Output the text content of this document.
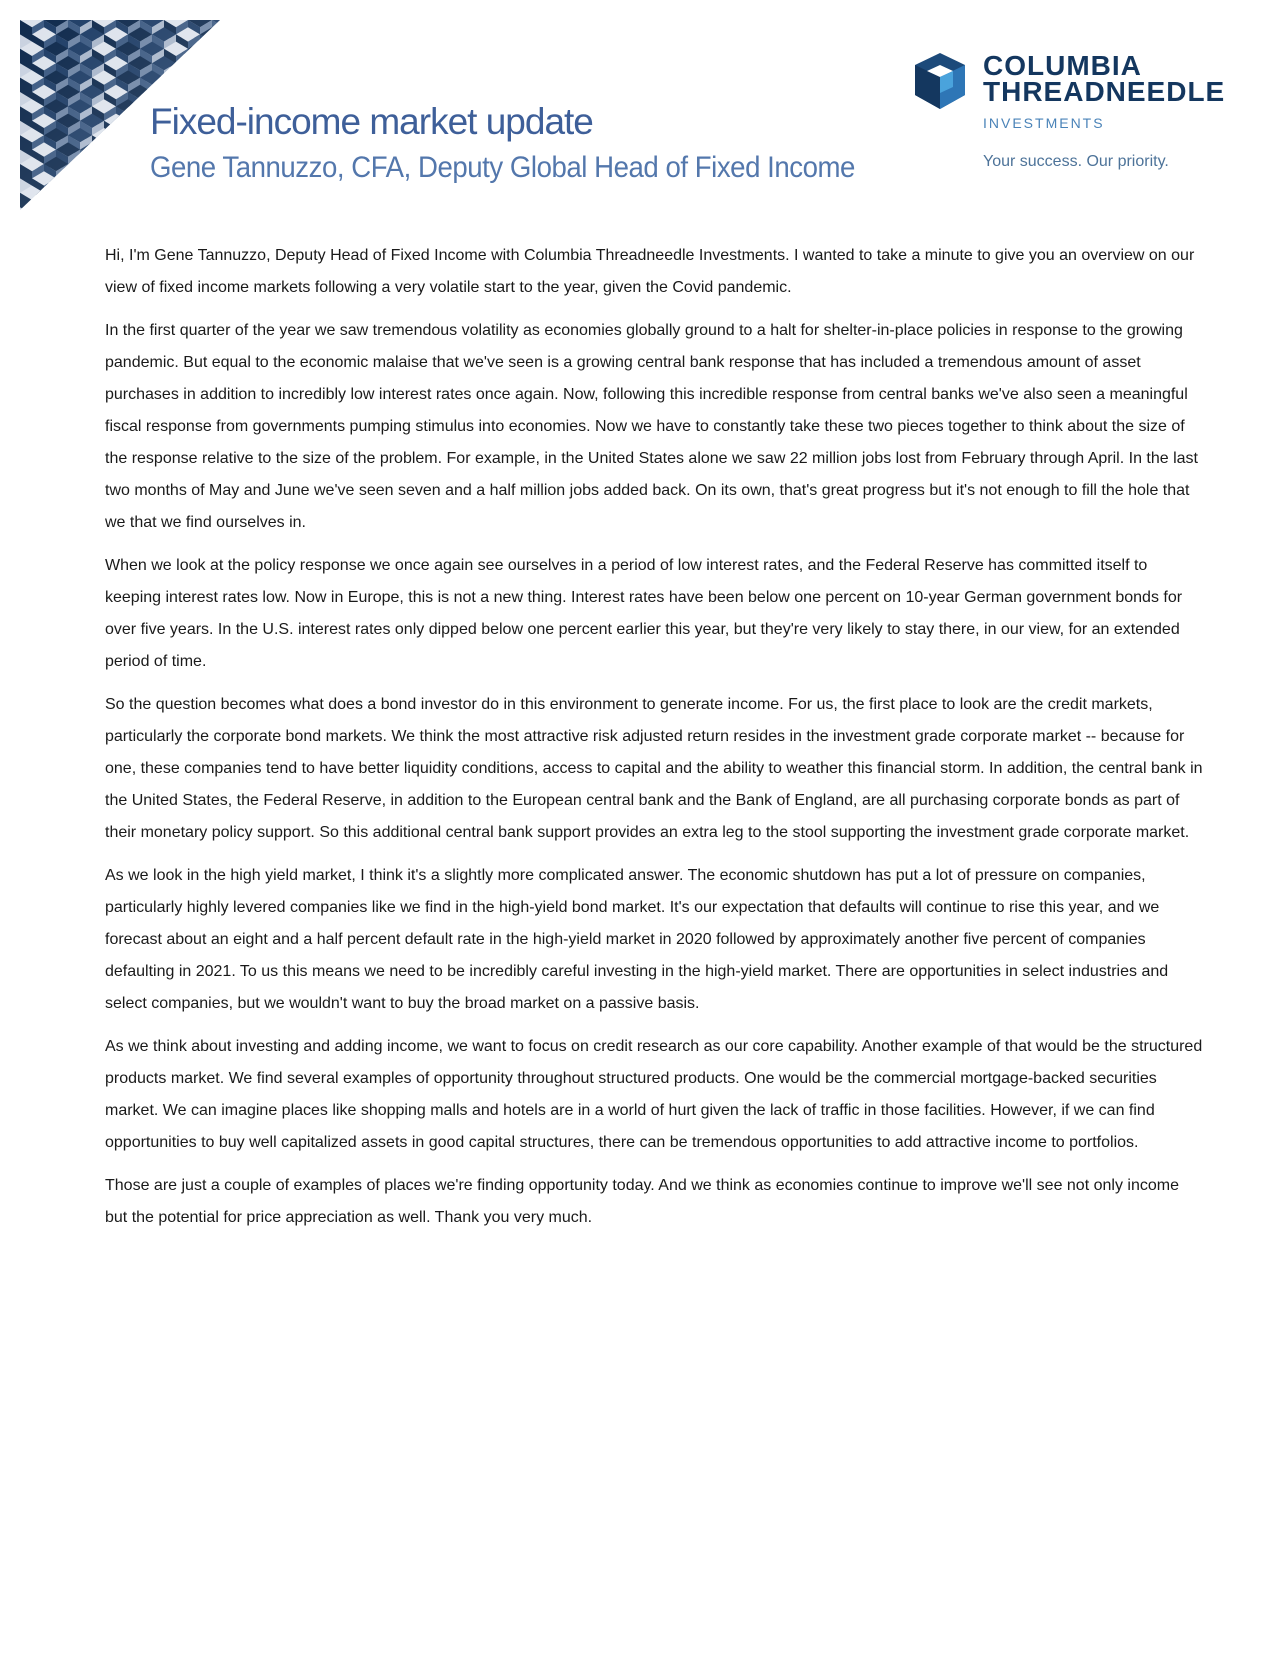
Fixed-income market update
Gene Tannuzzo, CFA, Deputy Global Head of Fixed Income
COLUMBIA
THREADNEEDLE
INVESTMENTS
Your success. Our priority.

Hi, I'm Gene Tannuzzo, Deputy Head of Fixed Income with Columbia Threadneedle Investments. I wanted to take a minute to give you an overview on our view of fixed income markets following a very volatile start to the year, given the Covid pandemic.

In the first quarter of the year we saw tremendous volatility as economies globally ground to a halt for shelter-in-place policies in response to the growing pandemic. But equal to the economic malaise that we've seen is a growing central bank response that has included a tremendous amount of asset purchases in addition to incredibly low interest rates once again. Now, following this incredible response from central banks we've also seen a meaningful fiscal response from governments pumping stimulus into economies. Now we have to constantly take these two pieces together to think about the size of the response relative to the size of the problem. For example, in the United States alone we saw 22 million jobs lost from February through April. In the last two months of May and June we've seen seven and a half million jobs added back. On its own, that's great progress but it's not enough to fill the hole that we that we find ourselves in.

When we look at the policy response we once again see ourselves in a period of low interest rates, and the Federal Reserve has committed itself to keeping interest rates low. Now in Europe, this is not a new thing. Interest rates have been below one percent on 10-year German government bonds for over five years. In the U.S. interest rates only dipped below one percent earlier this year, but they're very likely to stay there, in our view, for an extended period of time.

So the question becomes what does a bond investor do in this environment to generate income. For us, the first place to look are the credit markets, particularly the corporate bond markets. We think the most attractive risk adjusted return resides in the investment grade corporate market -- because for one, these companies tend to have better liquidity conditions, access to capital and the ability to weather this financial storm. In addition, the central bank in the United States, the Federal Reserve, in addition to the European central bank and the Bank of England, are all purchasing corporate bonds as part of their monetary policy support. So this additional central bank support provides an extra leg to the stool supporting the investment grade corporate market.

As we look in the high yield market, I think it's a slightly more complicated answer. The economic shutdown has put a lot of pressure on companies, particularly highly levered companies like we find in the high-yield bond market. It's our expectation that defaults will continue to rise this year, and we forecast about an eight and a half percent default rate in the high-yield market in 2020 followed by approximately another five percent of companies defaulting in 2021. To us this means we need to be incredibly careful investing in the high-yield market. There are opportunities in select industries and select companies, but we wouldn't want to buy the broad market on a passive basis.

As we think about investing and adding income, we want to focus on credit research as our core capability. Another example of that would be the structured products market. We find several examples of opportunity throughout structured products. One would be the commercial mortgage-backed securities market. We can imagine places like shopping malls and hotels are in a world of hurt given the lack of traffic in those facilities. However, if we can find opportunities to buy well capitalized assets in good capital structures, there can be tremendous opportunities to add attractive income to portfolios.

Those are just a couple of examples of places we're finding opportunity today. And we think as economies continue to improve we'll see not only income but the potential for price appreciation as well. Thank you very much.
